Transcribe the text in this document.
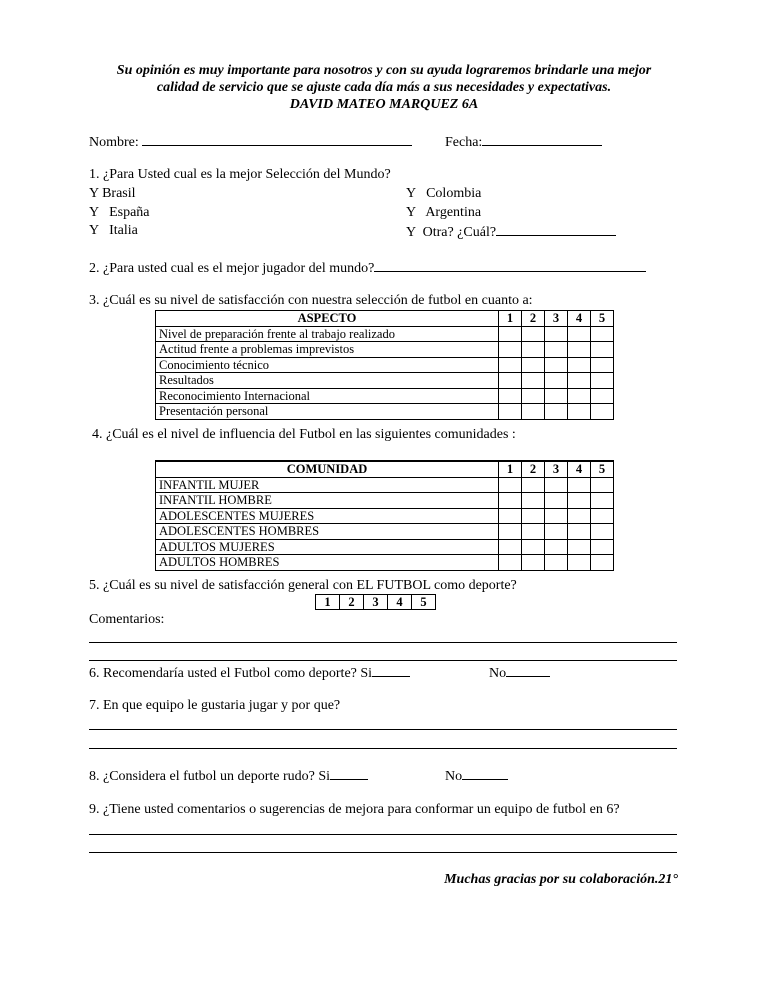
Su opinión es muy importante para nosotros y con su ayuda lograremos brindarle una mejor
calidad de servicio que se ajuste cada día más a sus necesidades y expectativas.
DAVID MATEO MARQUEZ 6A
Nombre:	Fecha:
1. ¿Para Usted cual es la mejor Selección del Mundo?
Y Brasil
Y   España
Y   Italia
Y   Colombia
Y   Argentina
Y  Otra? ¿Cuál?
2. ¿Para usted cual es el mejor jugador del mundo?
3. ¿Cuál es su nivel de satisfacción con nuestra selección de futbol en cuanto a:
ASPECTO	1	2	3	4	5
Nivel de preparación frente al trabajo realizado					
Actitud frente a problemas imprevistos					
Conocimiento técnico					
Resultados					
Reconocimiento Internacional					
Presentación personal					
4. ¿Cuál es el nivel de influencia del Futbol en las siguientes comunidades :
COMUNIDAD	1	2	3	4	5
INFANTIL MUJER					
INFANTIL HOMBRE					
ADOLESCENTES MUJERES					
ADOLESCENTES HOMBRES					
ADULTOS MUJERES					
ADULTOS HOMBRES					
5. ¿Cuál es su nivel de satisfacción general con EL FUTBOL como deporte?
1	2	3	4	5
Comentarios:
6. Recomendaría usted el Futbol como deporte? Si	No
7. En que equipo le gustaria jugar y por que?
8. ¿Considera el futbol un deporte rudo? Si	No
9. ¿Tiene usted comentarios o sugerencias de mejora para conformar un equipo de futbol en 6?
Muchas gracias por su colaboración.21°
